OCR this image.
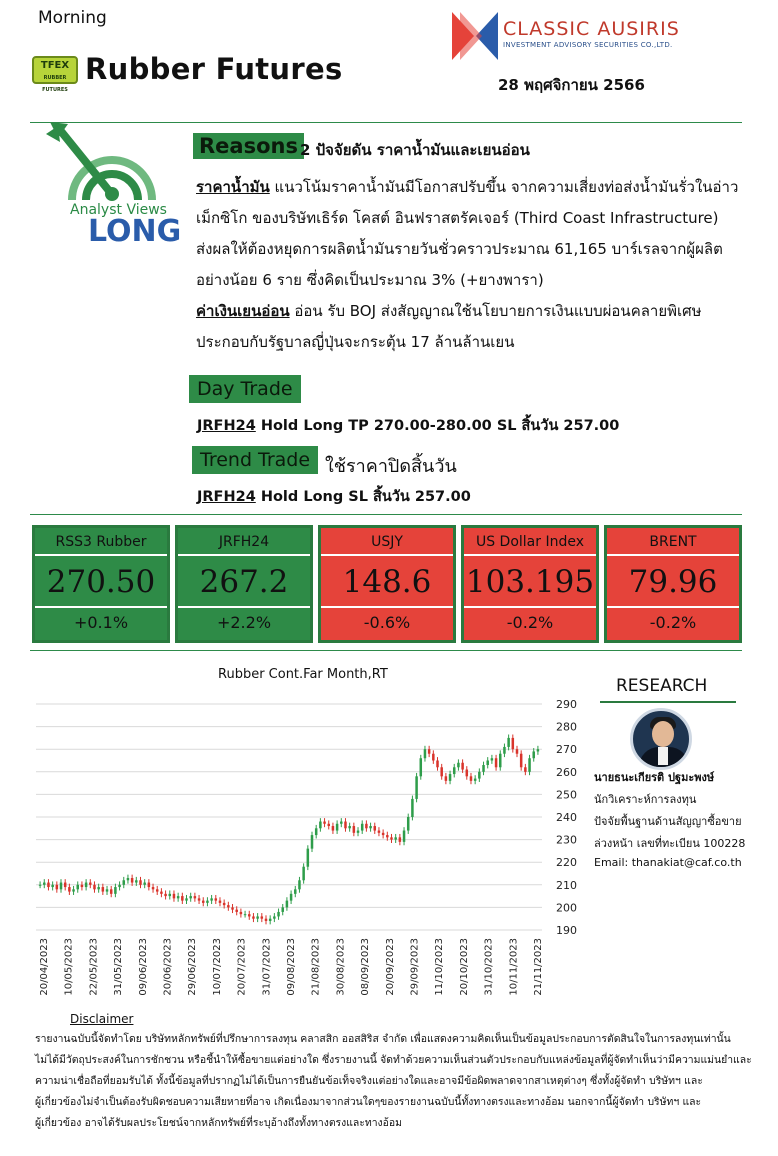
Morning
TFEX
RUBBER FUTURES
Rubber Futures
CLASSIC AUSIRIS
INVESTMENT ADVISORY SECURITIES CO.,LTD.
28 พฤศจิกายน 2566
Analyst Views
LONG
Reasons 2 ปัจจัยดัน ราคาน้ำมันและเยนอ่อน
ราคาน้ำมัน แนวโน้มราคาน้ำมันมีโอกาสปรับขึ้น จากความเสี่ยงท่อส่งน้ำมันรั่วในอ่าว
เม็กซิโก ของบริษัทเธิร์ด โคสต์ อินฟราสตรัคเจอร์ (Third Coast Infrastructure)
ส่งผลให้ต้องหยุดการผลิตน้ำมันรายวันชั่วคราวประมาณ 61,165 บาร์เรลจากผู้ผลิต
อย่างน้อย 6 ราย ซึ่งคิดเป็นประมาณ 3% (+ยางพารา)
ค่าเงินเยนอ่อน อ่อน รับ BOJ ส่งสัญญาณใช้นโยบายการเงินแบบผ่อนคลายพิเศษ
ประกอบกับรัฐบาลญี่ปุ่นจะกระตุ้น 17 ล้านล้านเยน
Day Trade
JRFH24 Hold Long TP 270.00-280.00 SL สิ้นวัน 257.00
Trend Trade ใช้ราคาปิดสิ้นวัน
JRFH24 Hold Long SL สิ้นวัน 257.00
RSS3 Rubber
270.50
+0.1%
JRFH24
267.2
+2.2%
USJY
148.6
-0.6%
US Dollar Index
103.195
-0.2%
BRENT
79.96
-0.2%
Rubber Cont.Far Month,RT
190
200
210
220
230
240
250
260
270
280
290
20/04/2023 10/05/2023 22/05/2023 31/05/2023 09/06/2023 20/06/2023 29/06/2023 10/07/2023 20/07/2023 31/07/2023 09/08/2023 21/08/2023 30/08/2023 08/09/2023 20/09/2023 29/09/2023 11/10/2023 20/10/2023 31/10/2023 10/11/2023 21/11/2023
RESEARCH
นายธนะเกียรติ ปฐมะพงษ์
นักวิเคราะห์การลงทุน
ปัจจัยพื้นฐานด้านสัญญาซื้อขาย
ล่วงหน้า เลขที่ทะเบียน 100228
Email: thanakiat@caf.co.th
Disclaimer
รายงานฉบับนี้จัดทำโดย บริษัทหลักทรัพย์ที่ปรึกษาการลงทุน คลาสสิก ออสสิริส จำกัด เพื่อแสดงความคิดเห็นเป็นข้อมูลประกอบการตัดสินใจในการลงทุนเท่านั้น
ไม่ได้มีวัตถุประสงค์ในการชักชวน หรือชี้นำให้ซื้อขายแต่อย่างใด ซึ่งรายงานนี้ จัดทำด้วยความเห็นส่วนตัวประกอบกับแหล่งข้อมูลที่ผู้จัดทำเห็นว่ามีความแม่นยำและ
ความน่าเชื่อถือที่ยอมรับได้ ทั้งนี้ข้อมูลที่ปรากฏไม่ได้เป็นการยืนยันข้อเท็จจริงแต่อย่างใดและอาจมีข้อผิดพลาดจากสาเหตุต่างๆ ซึ่งทั้งผู้จัดทำ บริษัทฯ และ
ผู้เกี่ยวข้องไม่จำเป็นต้องรับผิดชอบความเสียหายที่อาจ เกิดเนื่องมาจากส่วนใดๆของรายงานฉบับนี้ทั้งทางตรงและทางอ้อม นอกจากนี้ผู้จัดทำ บริษัทฯ และ
ผู้เกี่ยวข้อง อาจได้รับผลประโยชน์จากหลักทรัพย์ที่ระบุอ้างถึงทั้งทางตรงและทางอ้อม
